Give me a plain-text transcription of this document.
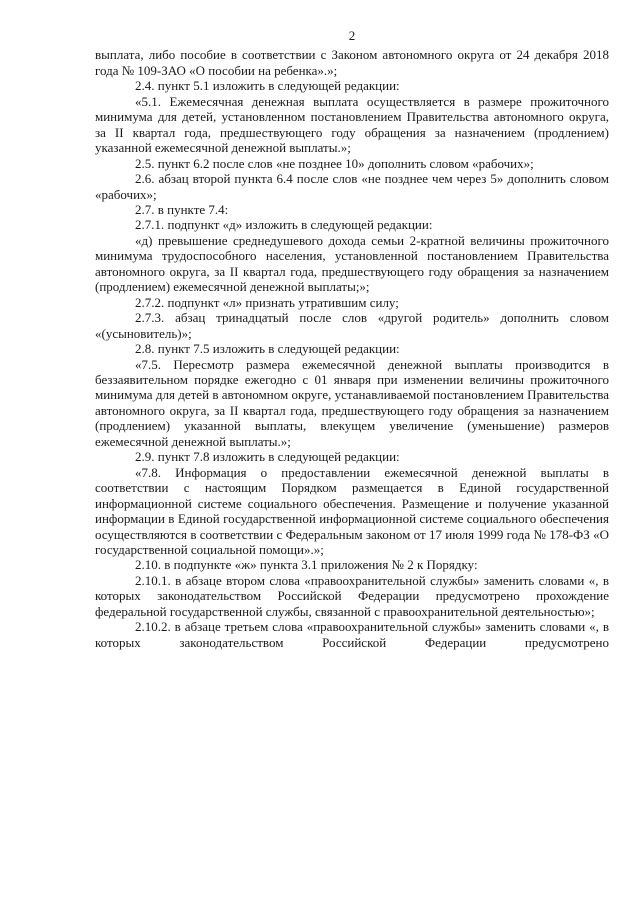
2

выплата, либо пособие в соответствии с Законом автономного округа от 24 декабря 2018 года № 109-ЗАО «О пособии на ребенка».»;

2.4. пункт 5.1 изложить в следующей редакции:

«5.1. Ежемесячная денежная выплата осуществляется в размере прожиточного минимума для детей, установленном постановлением Правительства автономного округа, за II квартал года, предшествующего году обращения за назначением (продлением) указанной ежемесячной денежной выплаты.»;

2.5. пункт 6.2 после слов «не позднее 10» дополнить словом «рабочих»;

2.6. абзац второй пункта 6.4 после слов «не позднее чем через 5» дополнить словом «рабочих»;

2.7. в пункте 7.4:

2.7.1. подпункт «д» изложить в следующей редакции:

«д) превышение среднедушевого дохода семьи 2-кратной величины прожиточного минимума трудоспособного населения, установленной постановлением Правительства автономного округа, за II квартал года, предшествующего году обращения за назначением (продлением) ежемесячной денежной выплаты;»;

2.7.2. подпункт «л» признать утратившим силу;

2.7.3. абзац тринадцатый после слов «другой родитель» дополнить словом «(усыновитель)»;

2.8. пункт 7.5 изложить в следующей редакции:

«7.5. Пересмотр размера ежемесячной денежной выплаты производится в беззаявительном порядке ежегодно с 01 января при изменении величины прожиточного минимума для детей в автономном округе, устанавливаемой постановлением Правительства автономного округа, за II квартал года, предшествующего году обращения за назначением (продлением) указанной выплаты, влекущем увеличение (уменьшение) размеров ежемесячной денежной выплаты.»;

2.9. пункт 7.8 изложить в следующей редакции:

«7.8. Информация о предоставлении ежемесячной денежной выплаты в соответствии с настоящим Порядком размещается в Единой государственной информационной системе социального обеспечения. Размещение и получение указанной информации в Единой государственной информационной системе социального обеспечения осуществляются в соответствии с Федеральным законом от 17 июля 1999 года № 178-ФЗ «О государственной социальной помощи».»;

2.10. в подпункте «ж» пункта 3.1 приложения № 2 к Порядку:

2.10.1. в абзаце втором слова «правоохранительной службы» заменить словами «, в которых законодательством Российской Федерации предусмотрено прохождение федеральной государственной службы, связанной с правоохранительной деятельностью»;

2.10.2. в абзаце третьем слова «правоохранительной службы» заменить словами «, в которых законодательством Российской Федерации предусмотрено
